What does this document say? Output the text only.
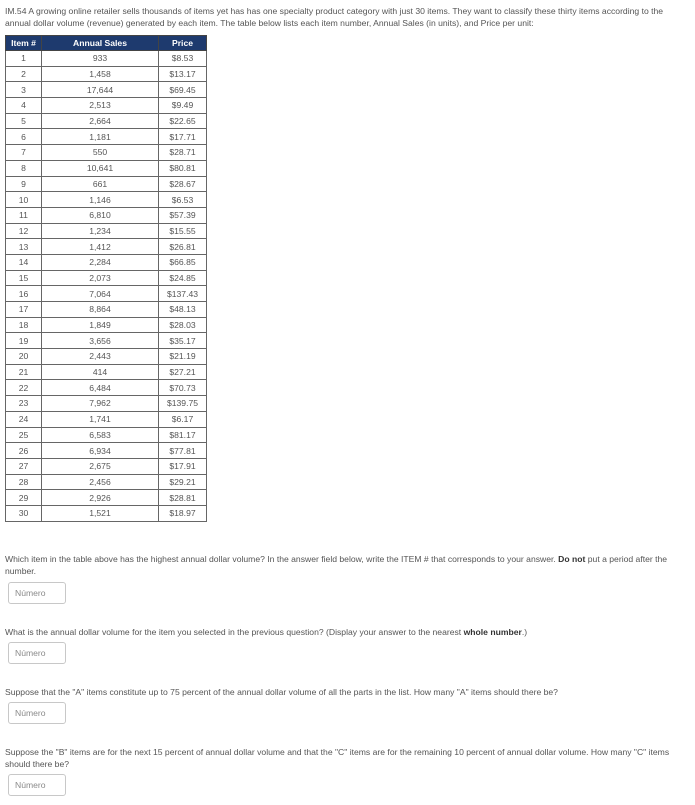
IM.54 A growing online retailer sells thousands of items yet has has one specialty product category with just 30 items. They want to classify these thirty items according to the annual dollar volume (revenue) generated by each item. The table below lists each item number, Annual Sales (in units), and Price per unit:
Item #	Annual Sales	Price
1	933	$8.53
2	1,458	$13.17
3	17,644	$69.45
4	2,513	$9.49
5	2,664	$22.65
6	1,181	$17.71
7	550	$28.71
8	10,641	$80.81
9	661	$28.67
10	1,146	$6.53
11	6,810	$57.39
12	1,234	$15.55
13	1,412	$26.81
14	2,284	$66.85
15	2,073	$24.85
16	7,064	$137.43
17	8,864	$48.13
18	1,849	$28.03
19	3,656	$35.17
20	2,443	$21.19
21	414	$27.21
22	6,484	$70.73
23	7,962	$139.75
24	1,741	$6.17
25	6,583	$81.17
26	6,934	$77.81
27	2,675	$17.91
28	2,456	$29.21
29	2,926	$28.81
30	1,521	$18.97
Which item in the table above has the highest annual dollar volume? In the answer field below, write the ITEM # that corresponds to your answer. Do not put a period after the number.
Número
What is the annual dollar volume for the item you selected in the previous question? (Display your answer to the nearest whole number.)
Número
Suppose that the "A" items constitute up to 75 percent of the annual dollar volume of all the parts in the list. How many "A" items should there be?
Número
Suppose the "B" items are for the next 15 percent of annual dollar volume and that the "C" items are for the remaining 10 percent of annual dollar volume. How many "C" items should there be?
Número
